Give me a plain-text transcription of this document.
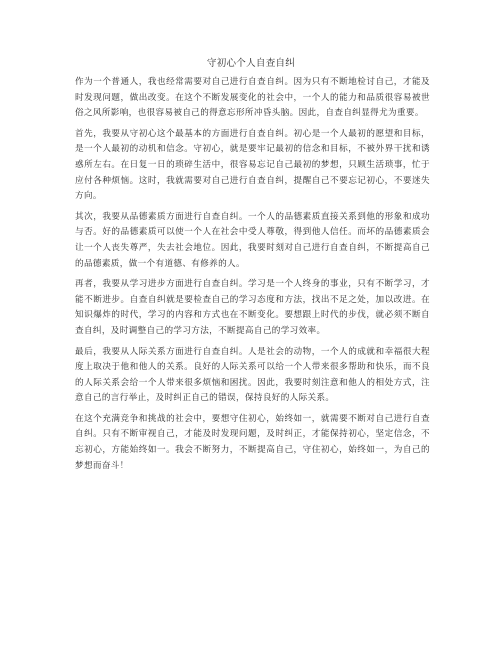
守初心个人自查自纠

作为一个普通人，我也经常需要对自己进行自查自纠。因为只有不断地检讨自己，才能及时发现问题，做出改变。在这个不断发展变化的社会中，一个人的能力和品质很容易被世俗之风所影响，也很容易被自己的得意忘形所冲昏头脑。因此，自查自纠显得尤为重要。

首先，我要从守初心这个最基本的方面进行自查自纠。初心是一个人最初的愿望和目标，是一个人最初的动机和信念。守初心，就是要牢记最初的信念和目标，不被外界干扰和诱惑所左右。在日复一日的琐碎生活中，很容易忘记自己最初的梦想，只顾生活琐事，忙于应付各种烦恼。这时，我就需要对自己进行自查自纠，提醒自己不要忘记初心，不要迷失方向。

其次，我要从品德素质方面进行自查自纠。一个人的品德素质直接关系到他的形象和成功与否。好的品德素质可以使一个人在社会中受人尊敬，得到他人信任。而坏的品德素质会让一个人丧失尊严，失去社会地位。因此，我要时刻对自己进行自查自纠，不断提高自己的品德素质，做一个有道德、有修养的人。

再者，我要从学习进步方面进行自查自纠。学习是一个人终身的事业，只有不断学习，才能不断进步。自查自纠就是要检查自己的学习态度和方法，找出不足之处，加以改进。在知识爆炸的时代，学习的内容和方式也在不断变化。要想跟上时代的步伐，就必须不断自查自纠，及时调整自己的学习方法，不断提高自己的学习效率。

最后，我要从人际关系方面进行自查自纠。人是社会的动物，一个人的成就和幸福很大程度上取决于他和他人的关系。良好的人际关系可以给一个人带来很多帮助和快乐，而不良的人际关系会给一个人带来很多烦恼和困扰。因此，我要时刻注意和他人的相处方式，注意自己的言行举止，及时纠正自己的错误，保持良好的人际关系。

在这个充满竞争和挑战的社会中，要想守住初心，始终如一，就需要不断对自己进行自查自纠。只有不断审视自己，才能及时发现问题，及时纠正，才能保持初心，坚定信念，不忘初心，方能始终如一。我会不断努力，不断提高自己，守住初心，始终如一，为自己的梦想而奋斗！
